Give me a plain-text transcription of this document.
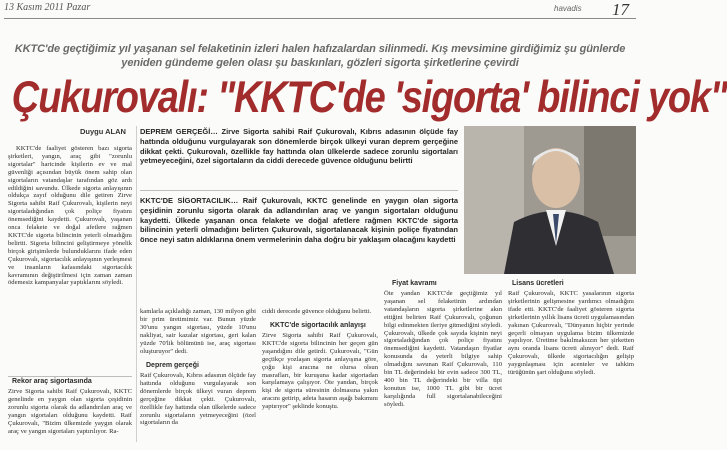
13 Kasım 2011 Pazar	havadis 17
KKTC'de geçtiğimiz yıl yaşanan sel felaketinin izleri halen hafızalardan silinmedi. Kış mevsimine girdiğimiz şu günlerde yeniden gündeme gelen olası şu baskınları, gözleri sigorta şirketlerine çevirdi
Çukurovalı: "KKTC'de 'sigorta' bilinci yok"
Duygu ALAN
KKTC'de faaliyet gösteren bazı sigorta şirketleri, yangın, araç gibi "zorunlu sigortalar" haricinde kişilerin ev ve mal güvenliği açısından büyük önem sahip olan sigortaların vatandaşlar tarafından göz ardı edildiğini savundu. Ülkede sigorta anlayışının oldukça zayıf olduğunu dile getiren Zirve Sigorta sahibi Raif Çukurovalı, kişilerin neyi sigortaladığından çok poliçe fiyatını önemsediğini kaydetti. Çukurovalı, yaşanan onca felakete ve doğal afetlere rağmen KKTC'de sigorta bilincinin yeterli olmadığını belirtti. Sigorta bilincini geliştirmeye yönelik birçok girişimlerde bulunduklarını ifade eden Çukurovalı, sigortacılık anlayışının yerleşmesi ve insanların kafasındaki sigortacılık kavramının değiştirilmesi için zaman zaman ödemesiz kampanyalar yaptıklarını söyledi.
Rekor araç sigortasında
Zirve Sigorta sahibi Raif Çukurovalı, KKTC genelinde en yaygın olan sigorta çeşidinin zorunlu sigorta olarak da adlandırılan araç ve yangın sigortaları olduğunu kaydetti. Raif Çukurovalı, "Bizim ülkemizde yaygın olarak araç ve yangın sigortaları yaptırılıyor. Ra-
DEPREM GERÇEĞİ… Zirve Sigorta sahibi Raif Çukurovalı, Kıbrıs adasının ölçüde fay hattında olduğunu vurgulayarak son dönemlerde birçok ülkeyi vuran deprem gerçeğine dikkat çekti. Çukurovalı, özellikle fay hattında olan ülkelerde sadece zorunlu sigortaları yetmeyeceğini, özel sigortaların da ciddi derecede güvence olduğunu belirtti
KKTC'DE SİGORTACILIK… Raif Çukurovalı, KKTC genelinde en yaygın olan sigorta çeşidinin zorunlu sigorta olarak da adlandırılan araç ve yangın sigortaları olduğunu kaydetti. Ülkede yaşanan onca felakete ve doğal afetlere rağmen KKTC'de sigorta bilincinin yeterli olmadığını belirten Çukurovalı, sigortalanacak kişinin poliçe fiyatından önce neyi satın aldıklarına önem vermelerinin daha doğru bir yaklaşım olacağını kaydetti
kamlarla açıkladığı zaman, 130 milyon gibi bir prim üretimimiz var. Bunun yüzde 30'unu yangın sigortası, yüzde 10'unu nakliyat, sair kazalar sigortası, geri kalan yüzde 70'lik bölümünü ise, araç sigortası oluşturuyor" dedi.
Deprem gerçeği
Raif Çukurovalı, Kıbrıs adasının ölçüde fay hattında olduğunu vurgulayarak son dönemlerde birçok ülkeyi vuran deprem gerçeğine dikkat çekti. Çukurovalı, özellikle fay hattında olan ülkelerde sadece zorunlu sigortaların yetmeyeceğini (özel sigortaların da
ciddi derecede güvence olduğunu belirtti.
KKTC'de sigortacılık anlayışı
Zirve Sigorta sahibi Raif Çukurovalı, KKTC'de sigorta bilincinin her geçen gün yaşandığını dile getirdi. Çukurovalı, "Gün geçtikçe yozlaşan sigorta anlayışına göre, çoğu kişi aracına ne olursa olsun masrafları, bir kuruşuna kadar sigortadan karşılamaya çalışıyor. Öte yandan, birçok kişi de sigorta süresinin dolmasına yakın aracını getirip, adeta hasarın aşağı bakımını yaptırıyor" şeklinde konuştu.
Fiyat kavramı
Öte yandan KKTC'de geçtiğimiz yıl yaşanan sel felaketinin ardından vatandaşların sigorta şirketlerine akın ettiğini belirten Raif Çukurovalı, çoğunun bilgi edinmekten ileriye gitmediğini söyledi. Çukurovalı, ülkede çok sayıda kişinin neyi sigortaladığından çok poliçe fiyatını önemsediğini kaydetti. Vatandaşın fiyatlar konusunda da yeterli bilgiye sahip olmadığını savunan Raif Çukurovalı, 110 bin TL değerindeki bir evin sadece 300 TL, 400 bin TL değerindeki bir villa tipi konutun ise, 1000 TL gibi bir ücret karşılığında full sigortalanabileceğini söyledi.
Lisans ücretleri
Raif Çukurovalı, KKTC yasalarının sigorta şirketlerinin gelişmesine yardımcı olmadığını ifade etti. KKTC'de faaliyet gösteren sigorta şirketlerinin yıllık lisans ücreti uygulamasından yakınan Çukurovalı, "Dünyanın hiçbir yerinde geçerli olmayan uygulama bizim ülkemizde yapılıyor. Üretime bakılmaksızın her şirketten aynı oranda lisans ücreti alınıyor" dedi. Raif Çukurovalı, ülkede sigortacılığın gelişip yaygınlaşması için acenteler ve tahkim türüğünün şart olduğunu söyledi.
